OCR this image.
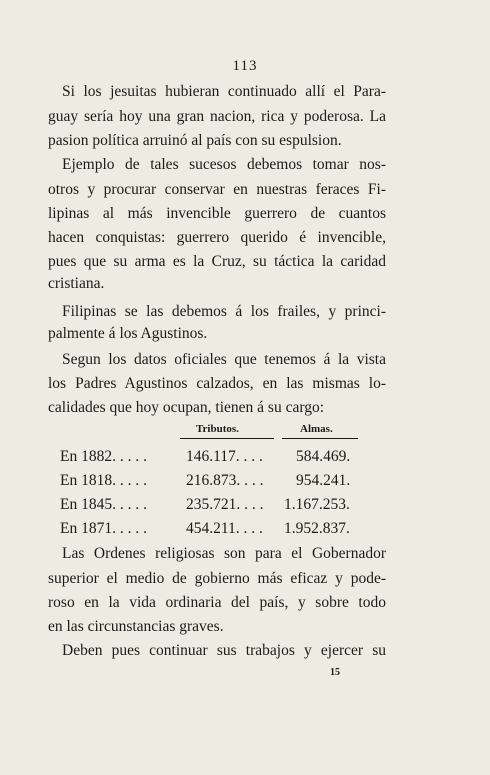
113
Si los jesuitas hubieran continuado allí el Para-
guay sería hoy una gran nacion, rica y poderosa. La
pasion política arruinó al país con su espulsion.
Ejemplo de tales sucesos debemos tomar nos-
otros y procurar conservar en nuestras feraces Fi-
lipinas al más invencible guerrero de cuantos
hacen conquistas: guerrero querido é invencible,
pues que su arma es la Cruz, su táctica la caridad
cristiana.
Filipinas se las debemos á los frailes, y princi-
palmente á los Agustinos.
Segun los datos oficiales que tenemos á la vista
los Padres Agustinos calzados, en las mismas lo-
calidades que hoy ocupan, tienen á su cargo:
Tributos.	Almas.
En 1882. . . . .	146.117. . . . 584.469.
En 1818. . . . .	216.873. . . . 954.241.
En 1845. . . . .	235.721. . . . 1.167.253.
En 1871. . . . .	454.211. . . . 1.952.837.
Las Ordenes religiosas son para el Gobernador
superior el medio de gobierno más eficaz y pode-
roso en la vida ordinaria del país, y sobre todo
en las circunstancias graves.
Deben pues continuar sus trabajos y ejercer su
15
